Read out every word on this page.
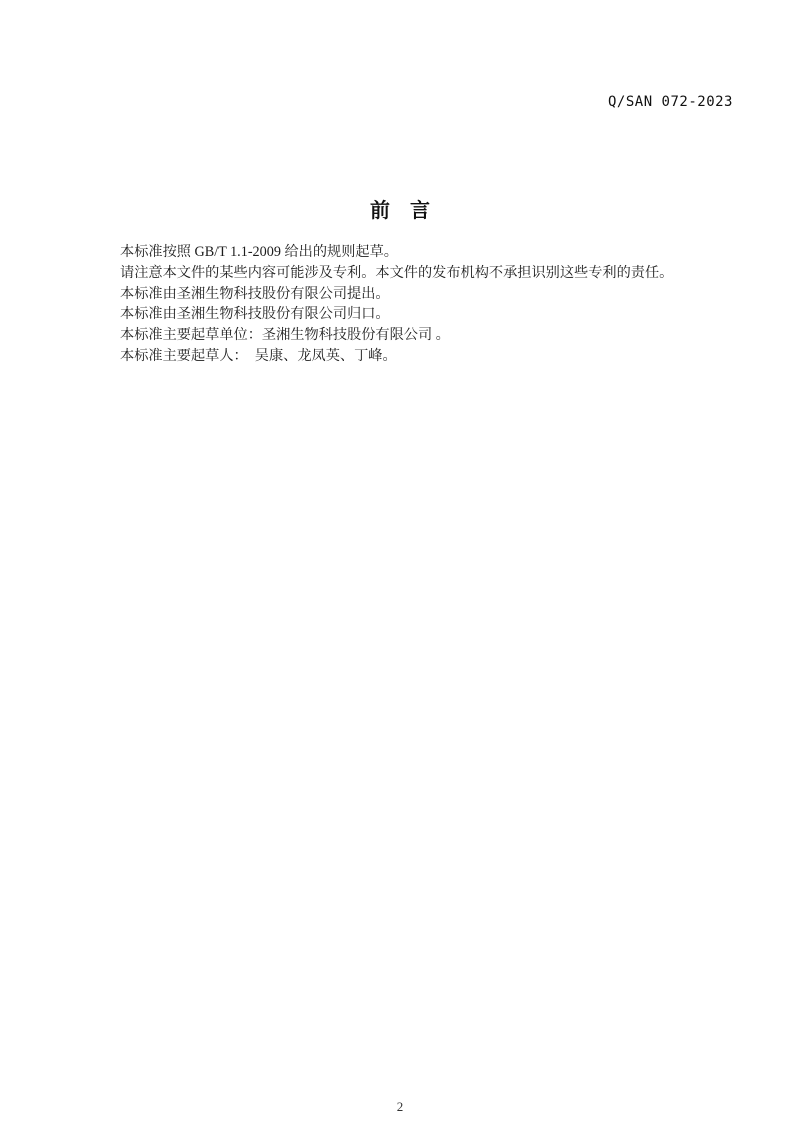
Q/SAN 072-2023
前　言

本标准按照 GB/T 1.1-2009 给出的规则起草。

请注意本文件的某些内容可能涉及专利。本文件的发布机构不承担识别这些专利的责任。

本标准由圣湘生物科技股份有限公司提出。

本标准由圣湘生物科技股份有限公司归口。

本标准主要起草单位：圣湘生物科技股份有限公司 。

本标准主要起草人：  吴康、龙凤英、丁峰。

2
